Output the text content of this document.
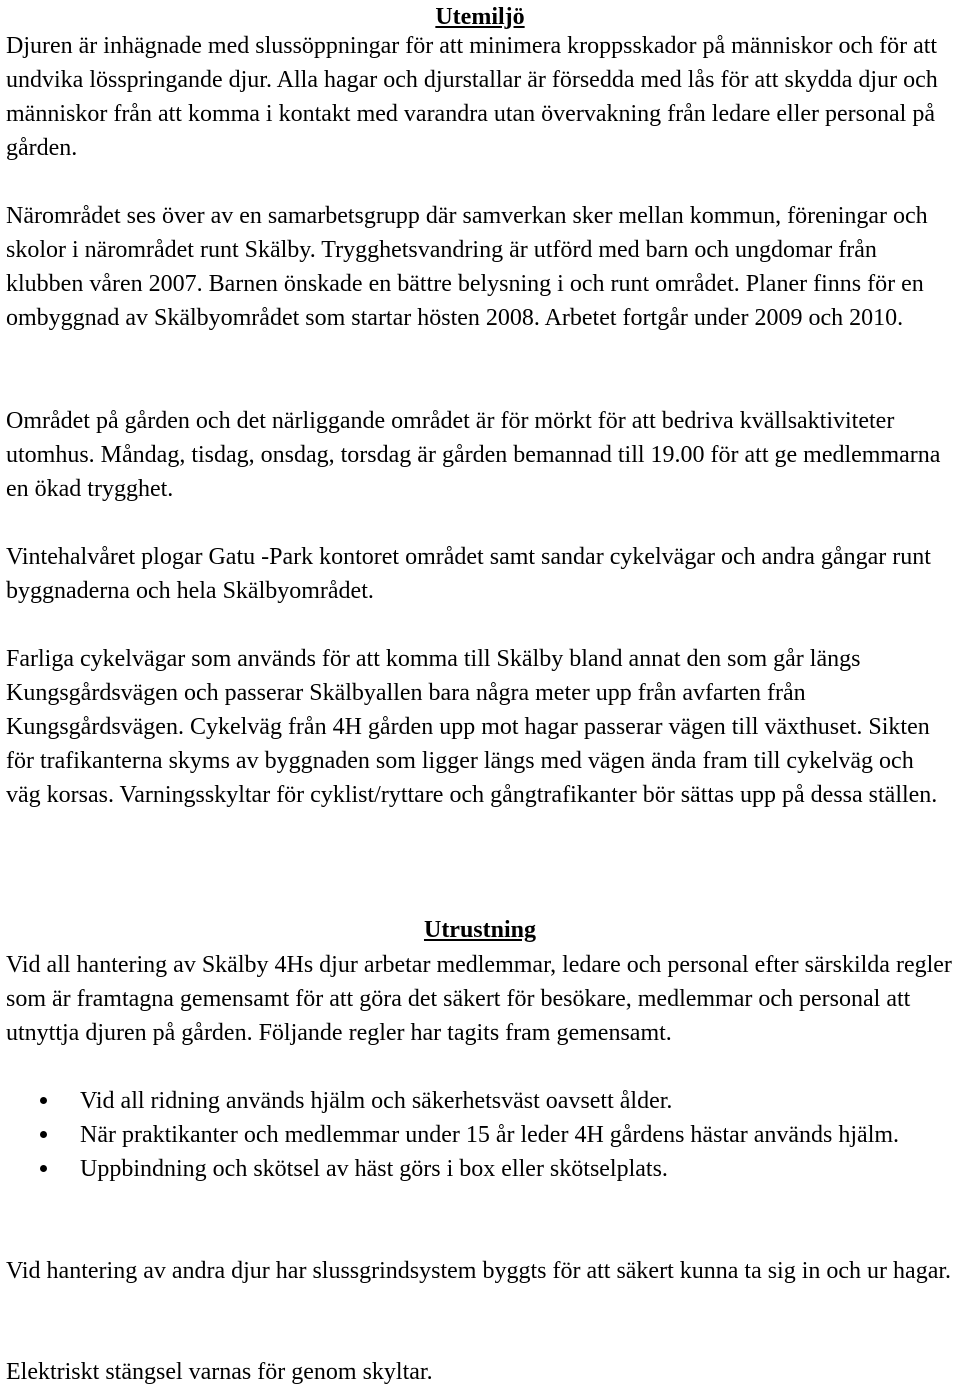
Utemiljö

Djuren är inhägnade med slussöppningar för att minimera kroppsskador på människor och för att undvika lösspringande djur. Alla hagar och djurstallar är försedda med lås för att skydda djur och människor från att komma i kontakt med varandra utan övervakning från ledare eller personal på gården.

Närområdet ses över av en samarbetsgrupp där samverkan sker mellan kommun, föreningar och skolor i närområdet runt Skälby. Trygghetsvandring är utförd med barn och ungdomar från klubben våren 2007. Barnen önskade en bättre belysning i och runt området. Planer finns för en ombyggnad av Skälbyområdet som startar hösten 2008. Arbetet fortgår under 2009 och 2010.

Området på gården och det närliggande området är för mörkt för att bedriva kvällsaktiviteter utomhus. Måndag, tisdag, onsdag, torsdag är gården bemannad till 19.00 för att ge medlemmarna en ökad trygghet.

Vintehalvåret plogar Gatu -Park kontoret området samt sandar cykelvägar och andra gångar runt byggnaderna och hela Skälbyområdet.

Farliga cykelvägar som används för att komma till Skälby bland annat den som går längs Kungsgårdsvägen och passerar Skälbyallen bara några meter upp från avfarten från Kungsgårdsvägen. Cykelväg från 4H gården upp mot hagar passerar vägen till växthuset. Sikten för trafikanterna skyms av byggnaden som ligger längs med vägen ända fram till cykelväg och väg korsas. Varningsskyltar för cyklist/ryttare och gångtrafikanter bör sättas upp på dessa ställen.

Utrustning

Vid all hantering av Skälby 4Hs djur arbetar medlemmar, ledare och personal efter särskilda regler som är framtagna gemensamt för att göra det säkert för besökare, medlemmar och personal att utnyttja djuren på gården. Följande regler har tagits fram gemensamt.

Vid all ridning används hjälm och säkerhetsväst oavsett ålder.
När praktikanter och medlemmar under 15 år leder 4H gårdens hästar används hjälm.
Uppbindning och skötsel av häst görs i box eller skötselplats.

Vid hantering av andra djur har slussgrindsystem byggts för att säkert kunna ta sig in och ur hagar.

Elektriskt stängsel varnas för genom skyltar.
